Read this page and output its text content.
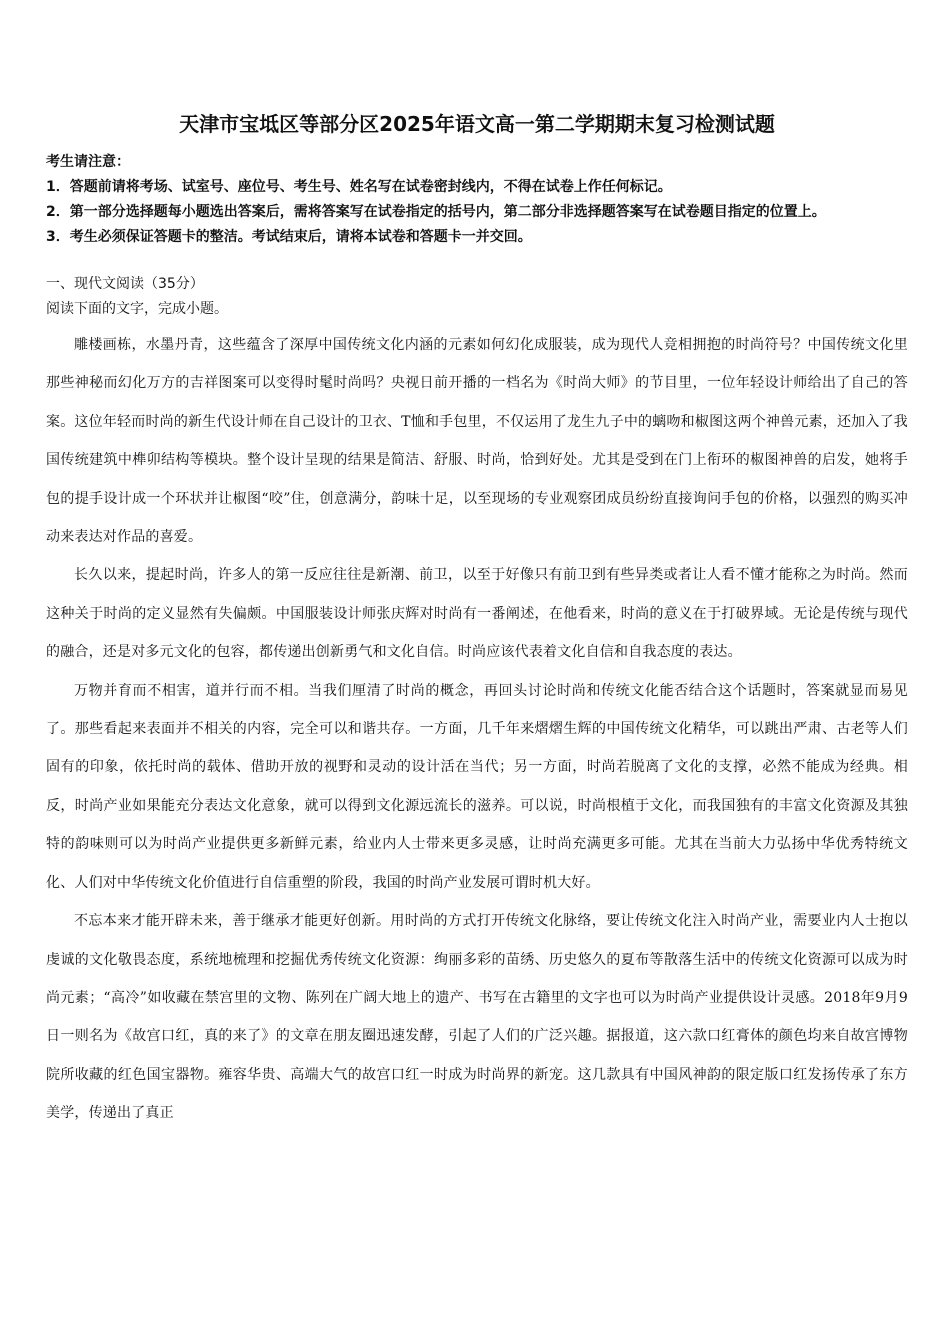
天津市宝坻区等部分区2025年语文高一第二学期期末复习检测试题

考生请注意：

1．答题前请将考场、试室号、座位号、考生号、姓名写在试卷密封线内，不得在试卷上作任何标记。

2．第一部分选择题每小题选出答案后，需将答案写在试卷指定的括号内，第二部分非选择题答案写在试卷题目指定的位置上。

3．考生必须保证答题卡的整洁。考试结束后，请将本试卷和答题卡一并交回。

一、现代文阅读（35分）
阅读下面的文字，完成小题。

雕楼画栋，水墨丹青，这些蕴含了深厚中国传统文化内涵的元素如何幻化成服装，成为现代人竞相拥抱的时尚符号？中国传统文化里那些神秘而幻化万方的吉祥图案可以变得时髦时尚吗？央视日前开播的一档名为《时尚大师》的节目里，一位年轻设计师给出了自己的答案。这位年轻而时尚的新生代设计师在自己设计的卫衣、T恤和手包里，不仅运用了龙生九子中的螭吻和椒图这两个神兽元素，还加入了我国传统建筑中榫卯结构等模块。整个设计呈现的结果是简洁、舒服、时尚，恰到好处。尤其是受到在门上衔环的椒图神兽的启发，她将手包的提手设计成一个环状并让椒图“咬”住，创意满分，韵味十足，以至现场的专业观察团成员纷纷直接询问手包的价格，以强烈的购买冲动来表达对作品的喜爱。

长久以来，提起时尚，许多人的第一反应往往是新潮、前卫，以至于好像只有前卫到有些异类或者让人看不懂才能称之为时尚。然而这种关于时尚的定义显然有失偏颇。中国服装设计师张庆辉对时尚有一番阐述，在他看来，时尚的意义在于打破界域。无论是传统与现代的融合，还是对多元文化的包容，都传递出创新勇气和文化自信。时尚应该代表着文化自信和自我态度的表达。

万物并育而不相害，道并行而不相。当我们厘清了时尚的概念，再回头讨论时尚和传统文化能否结合这个话题时，答案就显而易见了。那些看起来表面并不相关的内容，完全可以和谐共存。一方面，几千年来熠熠生辉的中国传统文化精华，可以跳出严肃、古老等人们固有的印象，依托时尚的载体、借助开放的视野和灵动的设计活在当代；另一方面，时尚若脱离了文化的支撑，必然不能成为经典。相反，时尚产业如果能充分表达文化意象，就可以得到文化源远流长的滋养。可以说，时尚根植于文化，而我国独有的丰富文化资源及其独特的韵味则可以为时尚产业提供更多新鲜元素，给业内人士带来更多灵感，让时尚充满更多可能。尤其在当前大力弘扬中华优秀特统文化、人们对中华传统文化价值进行自信重塑的阶段，我国的时尚产业发展可谓时机大好。

不忘本来才能开辟未来，善于继承才能更好创新。用时尚的方式打开传统文化脉络，要让传统文化注入时尚产业，需要业内人士抱以虔诚的文化敬畏态度，系统地梳理和挖掘优秀传统文化资源：绚丽多彩的苗绣、历史悠久的夏布等散落生活中的传统文化资源可以成为时尚元素；“高冷”如收藏在禁宫里的文物、陈列在广阔大地上的遗产、书写在古籍里的文字也可以为时尚产业提供设计灵感。2018年9月9日一则名为《故宫口红，真的来了》的文章在朋友圈迅速发酵，引起了人们的广泛兴趣。据报道，这六款口红膏体的颜色均来自故宫博物院所收藏的红色国宝器物。雍容华贵、高端大气的故宫口红一时成为时尚界的新宠。这几款具有中国风神韵的限定版口红发扬传承了东方美学，传递出了真正
